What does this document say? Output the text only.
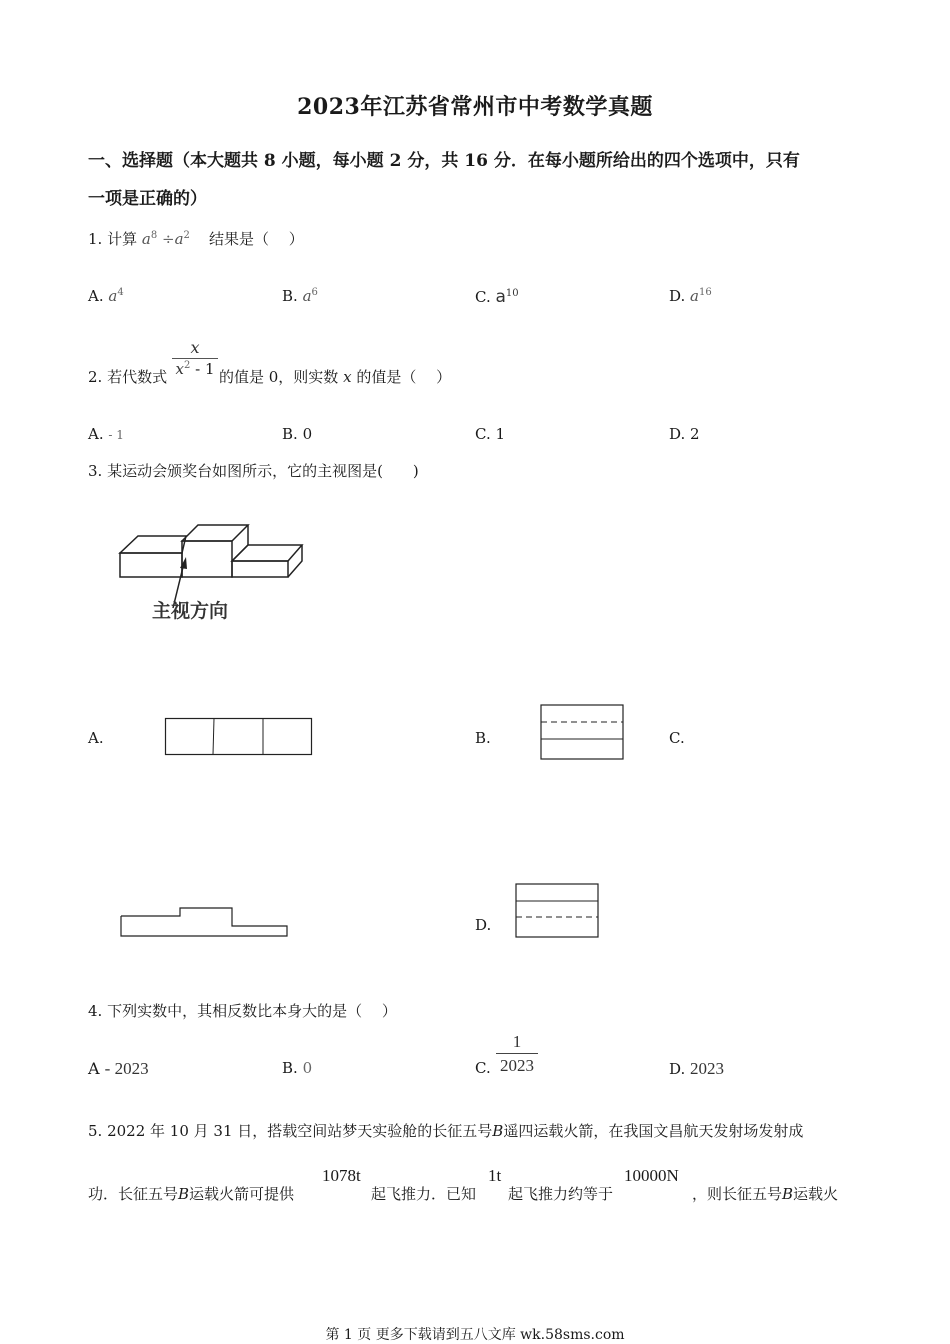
2023年江苏省常州市中考数学真题
一、选择题（本大题共 8 小题，每小题 2 分，共 16 分．在每小题所给出的四个选项中，只有
一项是正确的）
1. 计算 $a^8 \div a^2$ 结果是（　 ）
A. $a^4$	B. $a^6$	C. $a^{10}$	D. $a^{16}$
2. 若代数式 $\frac{x}{x^2 - 1}$ 的值是 0，则实数 x 的值是（　 ）
A. - 1	B. 0	C. 1	D. 2
3. 某运动会颁奖台如图所示，它的主视图是(　　)
主视方向
A.	B.	C.
D.
4. 下列实数中，其相反数比本身大的是（　 ）
A - 2023	B. 0	C. $\frac{1}{2023}$	D. 2023
5. 2022 年 10 月 31 日，搭载空间站梦天实验舱的长征五号B遥四运载火箭，在我国文昌航天发射场发射成
功．长征五号B运载火箭可提供
1078t
起飞推力．已知
1t
起飞推力约等于
10000N
，则长征五号B运载火
第 1 页 更多下载请到五八文库 wk.58sms.com
